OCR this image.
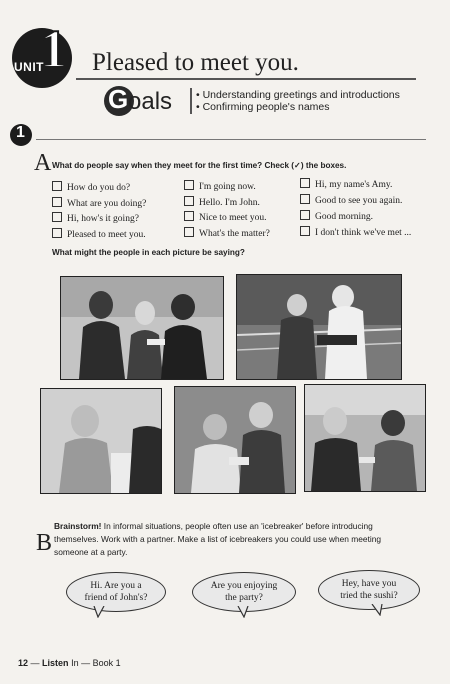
1
UNIT Pleased to meet you.
G oals • Understanding greetings and introductions
• Confirming people's names
1
A What do people say when they meet for the first time? Check (✓) the boxes.
How do you do?
What are you doing?
Hi, how's it going?
Pleased to meet you.
I'm going now.
Hello. I'm John.
Nice to meet you.
What's the matter?
Hi, my name's Amy.
Good to see you again.
Good morning.
I don't think we've met ...
What might the people in each picture be saying?
B
Brainstorm! In informal situations, people often use an 'icebreaker' before introducing themselves. Work with a partner. Make a list of icebreakers you could use when meeting someone at a party.
Hi. Are you a
friend of John's?
Are you enjoying
the party?
Hey, have you
tried the sushi?
12 — Listen In — Book 1
